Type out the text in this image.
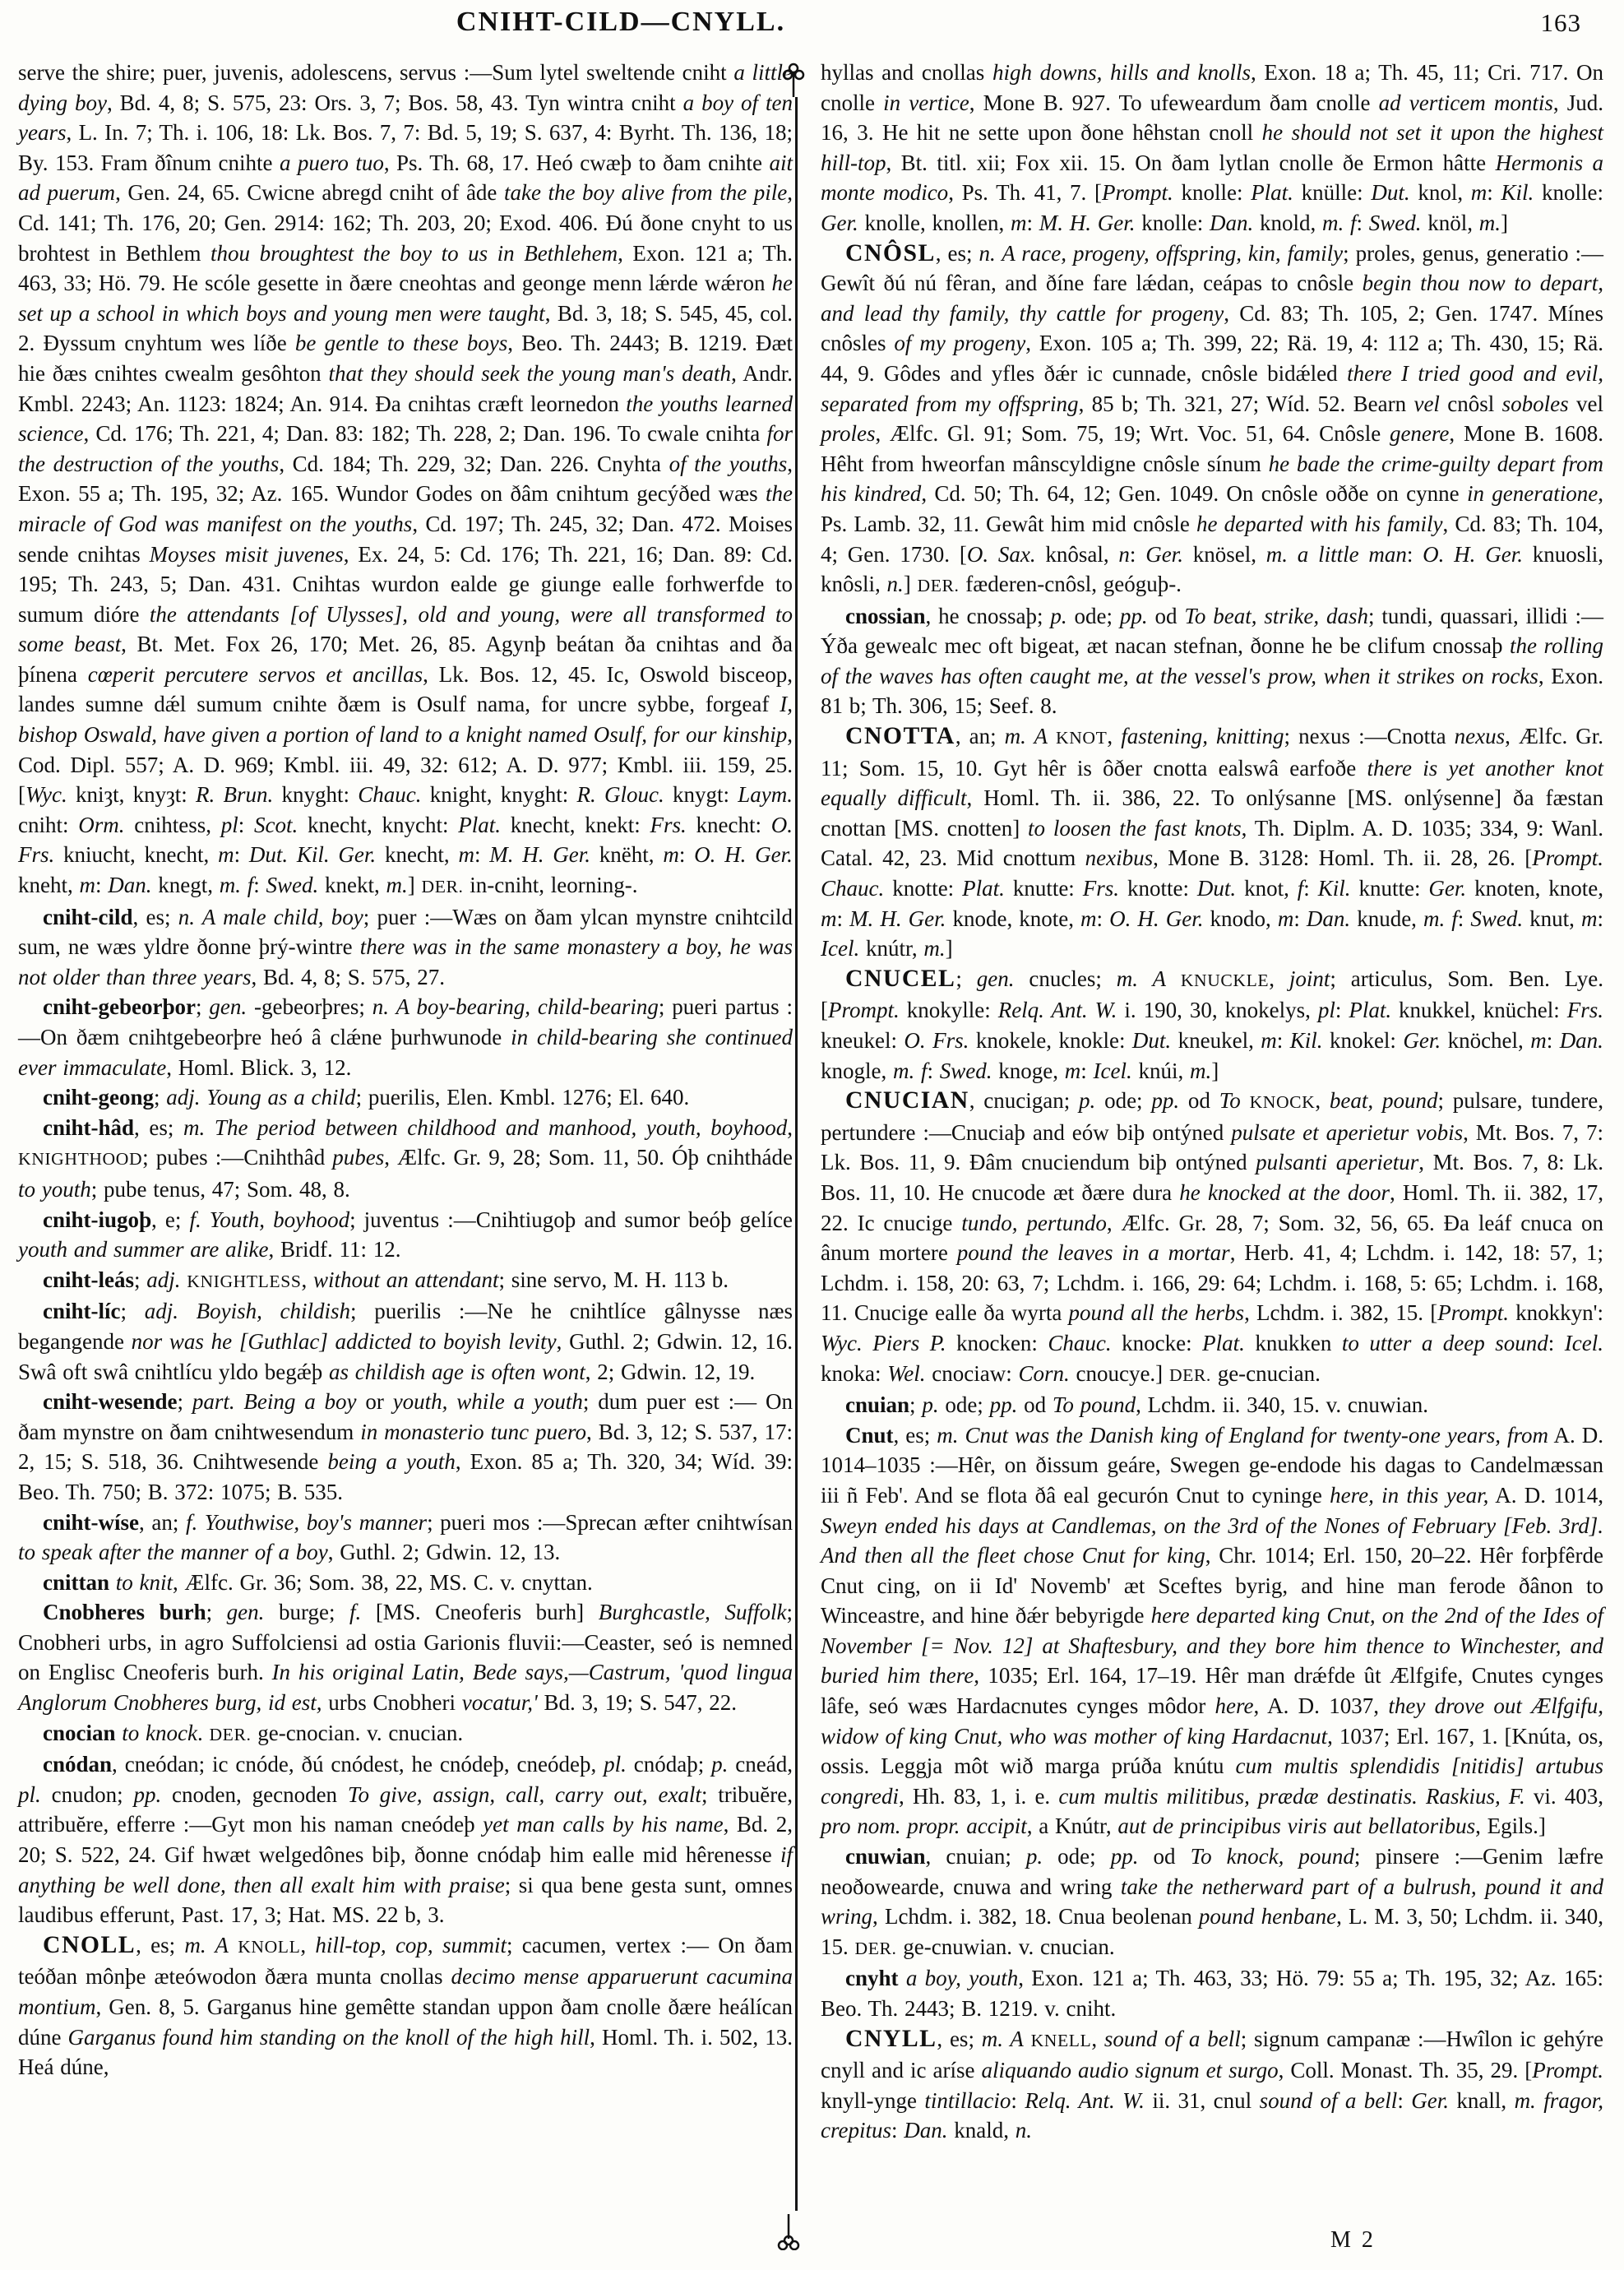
CNIHT-CILD—CNYLL.	163

serve the shire; puer, juvenis, adolescens, servus :—Sum lytel sweltende cniht a little dying boy, Bd. 4, 8; S. 575, 23: Ors. 3, 7; Bos. 58, 43. Tyn wintra cniht a boy of ten years, L. In. 7; Th. i. 106, 18: Lk. Bos. 7, 7: Bd. 5, 19; S. 637, 4: Byrht. Th. 136, 18; By. 153. Fram ðînum cnihte a puero tuo, Ps. Th. 68, 17. Heó cwæþ to ðam cnihte ait ad puerum, Gen. 24, 65. Cwicne abregd cniht of âde take the boy alive from the pile, Cd. 141; Th. 176, 20; Gen. 2914: 162; Th. 203, 20; Exod. 406. Ðú ðone cnyht to us brohtest in Bethlem thou broughtest the boy to us in Bethlehem, Exon. 121 a; Th. 463, 33; Hö. 79. He scóle gesette in ðære cneohtas and geonge menn lǽrde wǽron he set up a school in which boys and young men were taught, Bd. 3, 18; S. 545, 45, col. 2. Ðyssum cnyhtum wes líðe be gentle to these boys, Beo. Th. 2443; B. 1219. Ðæt hie ðæs cnihtes cwealm gesôhton that they should seek the young man's death, Andr. Kmbl. 2243; An. 1123: 1824; An. 914. Ða cnihtas cræft leornedon the youths learned science, Cd. 176; Th. 221, 4; Dan. 83: 182; Th. 228, 2; Dan. 196. To cwale cnihta for the destruction of the youths, Cd. 184; Th. 229, 32; Dan. 226. Cnyhta of the youths, Exon. 55 a; Th. 195, 32; Az. 165. Wundor Godes on ðâm cnihtum gecýðed wæs the miracle of God was manifest on the youths, Cd. 197; Th. 245, 32; Dan. 472. Moises sende cnihtas Moyses misit juvenes, Ex. 24, 5: Cd. 176; Th. 221, 16; Dan. 89: Cd. 195; Th. 243, 5; Dan. 431. Cnihtas wurdon ealde ge giunge ealle forhwerfde to sumum dióre the attendants [of Ulysses], old and young, were all transformed to some beast, Bt. Met. Fox 26, 170; Met. 26, 85. Agynþ beátan ða cnihtas and ða þínena cœperit percutere servos et ancillas, Lk. Bos. 12, 45. Ic, Oswold bisceop, landes sumne dǽl sumum cnihte ðæm is Osulf nama, for uncre sybbe, forgeaf I, bishop Oswald, have given a portion of land to a knight named Osulf, for our kinship, Cod. Dipl. 557; A. D. 969; Kmbl. iii. 49, 32: 612; A. D. 977; Kmbl. iii. 159, 25. [Wyc. kniȝt, knyȝt: R. Brun. knyght: Chauc. knight, knyght: R. Glouc. knygt: Laym. cniht: Orm. cnihtess, pl: Scot. knecht, knycht: Plat. knecht, knekt: Frs. knecht: O. Frs. kniucht, knecht, m: Dut. Kil. Ger. knecht, m: M. H. Ger. knëht, m: O. H. Ger. kneht, m: Dan. knegt, m. f: Swed. knekt, m.] DER. in-cniht, leorning-.

cniht-cild, es; n. A male child, boy; puer :—Wæs on ðam ylcan mynstre cnihtcild sum, ne wæs yldre ðonne þrý-wintre there was in the same monastery a boy, he was not older than three years, Bd. 4, 8; S. 575, 27.

cniht-gebeorþor; gen. -gebeorþres; n. A boy-bearing, child-bearing; pueri partus :—On ðæm cnihtgebeorþre heó â clǽne þurhwunode in child-bearing she continued ever immaculate, Homl. Blick. 3, 12.

cniht-geong; adj. Young as a child; puerilis, Elen. Kmbl. 1276; El. 640.

cniht-hâd, es; m. The period between childhood and manhood, youth, boyhood, KNIGHTHOOD; pubes :—Cnihthâd pubes, Ælfc. Gr. 9, 28; Som. 11, 50. Óþ cnihtháde to youth; pube tenus, 47; Som. 48, 8.

cniht-iugoþ, e; f. Youth, boyhood; juventus :—Cnihtiugoþ and sumor beóþ gelíce youth and summer are alike, Bridf. 11: 12.

cniht-leás; adj. KNIGHTLESS, without an attendant; sine servo, M. H. 113 b.

cniht-líc; adj. Boyish, childish; puerilis :—Ne he cnihtlíce gâlnysse næs begangende nor was he [Guthlac] addicted to boyish levity, Guthl. 2; Gdwin. 12, 16. Swâ oft swâ cnihtlícu yldo begǽþ as childish age is often wont, 2; Gdwin. 12, 19.

cniht-wesende; part. Being a boy or youth, while a youth; dum puer est :— On ðam mynstre on ðam cnihtwesendum in monasterio tunc puero, Bd. 3, 12; S. 537, 17: 2, 15; S. 518, 36. Cnihtwesende being a youth, Exon. 85 a; Th. 320, 34; Wíd. 39: Beo. Th. 750; B. 372: 1075; B. 535.

cniht-wíse, an; f. Youthwise, boy's manner; pueri mos :—Sprecan æfter cnihtwísan to speak after the manner of a boy, Guthl. 2; Gdwin. 12, 13.

cnittan to knit, Ælfc. Gr. 36; Som. 38, 22, MS. C. v. cnyttan.

Cnobheres burh; gen. burge; f. [MS. Cneoferis burh] Burghcastle, Suffolk; Cnobheri urbs, in agro Suffolciensi ad ostia Garionis fluvii:—Ceaster, seó is nemned on Englisc Cneoferis burh. In his original Latin, Bede says,—Castrum, 'quod lingua Anglorum Cnobheres burg, id est, urbs Cnobheri vocatur,' Bd. 3, 19; S. 547, 22.

cnocian to knock. DER. ge-cnocian. v. cnucian.

cnódan, cneódan; ic cnóde, ðú cnódest, he cnódeþ, cneódeþ, pl. cnódaþ; p. cneád, pl. cnudon; pp. cnoden, gecnoden To give, assign, call, carry out, exalt; tribuĕre, attribuĕre, efferre :—Gyt mon his naman cneódeþ yet man calls by his name, Bd. 2, 20; S. 522, 24. Gif hwæt welgedônes biþ, ðonne cnódaþ him ealle mid hêrenesse if anything be well done, then all exalt him with praise; si qua bene gesta sunt, omnes laudibus efferunt, Past. 17, 3; Hat. MS. 22 b, 3.

CNOLL, es; m. A KNOLL, hill-top, cop, summit; cacumen, vertex :— On ðam teóðan mônþe æteówodon ðæra munta cnollas decimo mense apparuerunt cacumina montium, Gen. 8, 5. Garganus hine gemêtte standan uppon ðam cnolle ðære heálícan dúne Garganus found him standing on the knoll of the high hill, Homl. Th. i. 502, 13. Heá dúne,

hyllas and cnollas high downs, hills and knolls, Exon. 18 a; Th. 45, 11; Cri. 717. On cnolle in vertice, Mone B. 927. To ufeweardum ðam cnolle ad verticem montis, Jud. 16, 3. He hit ne sette upon ðone hêhstan cnoll he should not set it upon the highest hill-top, Bt. titl. xii; Fox xii. 15. On ðam lytlan cnolle ðe Ermon hâtte Hermonis a monte modico, Ps. Th. 41, 7. [Prompt. knolle: Plat. knülle: Dut. knol, m: Kil. knolle: Ger. knolle, knollen, m: M. H. Ger. knolle: Dan. knold, m. f: Swed. knöl, m.]

CNÔSL, es; n. A race, progeny, offspring, kin, family; proles, genus, generatio :—Gewît ðú nú fêran, and ðíne fare lǽdan, ceápas to cnôsle begin thou now to depart, and lead thy family, thy cattle for progeny, Cd. 83; Th. 105, 2; Gen. 1747. Mínes cnôsles of my progeny, Exon. 105 a; Th. 399, 22; Rä. 19, 4: 112 a; Th. 430, 15; Rä. 44, 9. Gôdes and yfles ðǽr ic cunnade, cnôsle bidǽled there I tried good and evil, separated from my offspring, 85 b; Th. 321, 27; Wíd. 52. Bearn vel cnôsl soboles vel proles, Ælfc. Gl. 91; Som. 75, 19; Wrt. Voc. 51, 64. Cnôsle genere, Mone B. 1608. Hêht from hweorfan mânscyldigne cnôsle sínum he bade the crime-guilty depart from his kindred, Cd. 50; Th. 64, 12; Gen. 1049. On cnôsle oððe on cynne in generatione, Ps. Lamb. 32, 11. Gewât him mid cnôsle he departed with his family, Cd. 83; Th. 104, 4; Gen. 1730. [O. Sax. knôsal, n: Ger. knösel, m. a little man: O. H. Ger. knuosli, knôsli, n.] DER. fæderen-cnôsl, geóguþ-.

cnossian, he cnossaþ; p. ode; pp. od To beat, strike, dash; tundi, quassari, illidi :—Ýða gewealc mec oft bigeat, æt nacan stefnan, ðonne he be clifum cnossaþ the rolling of the waves has often caught me, at the vessel's prow, when it strikes on rocks, Exon. 81 b; Th. 306, 15; Seef. 8.

CNOTTA, an; m. A KNOT, fastening, knitting; nexus :—Cnotta nexus, Ælfc. Gr. 11; Som. 15, 10. Gyt hêr is ôðer cnotta ealswâ earfoðe there is yet another knot equally difficult, Homl. Th. ii. 386, 22. To onlýsanne [MS. onlýsenne] ða fæstan cnottan [MS. cnotten] to loosen the fast knots, Th. Diplm. A. D. 1035; 334, 9: Wanl. Catal. 42, 23. Mid cnottum nexibus, Mone B. 3128: Homl. Th. ii. 28, 26. [Prompt. Chauc. knotte: Plat. knutte: Frs. knotte: Dut. knot, f: Kil. knutte: Ger. knoten, knote, m: M. H. Ger. knode, knote, m: O. H. Ger. knodo, m: Dan. knude, m. f: Swed. knut, m: Icel. knútr, m.]

CNUCEL; gen. cnucles; m. A KNUCKLE, joint; articulus, Som. Ben. Lye. [Prompt. knokylle: Relq. Ant. W. i. 190, 30, knokelys, pl: Plat. knukkel, knüchel: Frs. kneukel: O. Frs. knokele, knokle: Dut. kneukel, m: Kil. knokel: Ger. knöchel, m: Dan. knogle, m. f: Swed. knoge, m: Icel. knúi, m.]

CNUCIAN, cnucigan; p. ode; pp. od To KNOCK, beat, pound; pulsare, tundere, pertundere :—Cnuciaþ and eów biþ ontýned pulsate et aperietur vobis, Mt. Bos. 7, 7: Lk. Bos. 11, 9. Ðâm cnuciendum biþ ontýned pulsanti aperietur, Mt. Bos. 7, 8: Lk. Bos. 11, 10. He cnucode æt ðære dura he knocked at the door, Homl. Th. ii. 382, 17, 22. Ic cnucige tundo, pertundo, Ælfc. Gr. 28, 7; Som. 32, 56, 65. Ða leáf cnuca on ânum mortere pound the leaves in a mortar, Herb. 41, 4; Lchdm. i. 142, 18: 57, 1; Lchdm. i. 158, 20: 63, 7; Lchdm. i. 166, 29: 64; Lchdm. i. 168, 5: 65; Lchdm. i. 168, 11. Cnucige ealle ða wyrta pound all the herbs, Lchdm. i. 382, 15. [Prompt. knokkyn': Wyc. Piers P. knocken: Chauc. knocke: Plat. knukken to utter a deep sound: Icel. knoka: Wel. cnociaw: Corn. cnoucye.] DER. ge-cnucian.

cnuian; p. ode; pp. od To pound, Lchdm. ii. 340, 15. v. cnuwian.

Cnut, es; m. Cnut was the Danish king of England for twenty-one years, from A. D. 1014–1035 :—Hêr, on ðissum geáre, Swegen ge-endode his dagas to Candelmæssan iii ñ Feb'. And se flota ðâ eal gecurón Cnut to cyninge here, in this year, A. D. 1014, Sweyn ended his days at Candlemas, on the 3rd of the Nones of February [Feb. 3rd]. And then all the fleet chose Cnut for king, Chr. 1014; Erl. 150, 20–22. Hêr forþfêrde Cnut cing, on ii Id' Novemb' æt Sceftes byrig, and hine man ferode ðânon to Winceastre, and hine ðǽr bebyrigde here departed king Cnut, on the 2nd of the Ides of November [= Nov. 12] at Shaftesbury, and they bore him thence to Winchester, and buried him there, 1035; Erl. 164, 17–19. Hêr man drǽfde ût Ælfgife, Cnutes cynges lâfe, seó wæs Hardacnutes cynges môdor here, A. D. 1037, they drove out Ælfgifu, widow of king Cnut, who was mother of king Hardacnut, 1037; Erl. 167, 1. [Knúta, os, ossis. Leggja môt wið marga prúða knútu cum multis splendidis [nitidis] artubus congredi, Hh. 83, 1, i. e. cum multis militibus, prædæ destinatis. Raskius, F. vi. 403, pro nom. propr. accipit, a Knútr, aut de principibus viris aut bellatoribus, Egils.]

cnuwian, cnuian; p. ode; pp. od To knock, pound; pinsere :—Genim læfre neoðowearde, cnuwa and wring take the netherward part of a bulrush, pound it and wring, Lchdm. i. 382, 18. Cnua beolenan pound henbane, L. M. 3, 50; Lchdm. ii. 340, 15. DER. ge-cnuwian. v. cnucian.

cnyht a boy, youth, Exon. 121 a; Th. 463, 33; Hö. 79: 55 a; Th. 195, 32; Az. 165: Beo. Th. 2443; B. 1219. v. cniht.

CNYLL, es; m. A KNELL, sound of a bell; signum campanæ :—Hwîlon ic gehýre cnyll and ic aríse aliquando audio signum et surgo, Coll. Monast. Th. 35, 29. [Prompt. knyll-ynge tintillacio: Relq. Ant. W. ii. 31, cnul sound of a bell: Ger. knall, m. fragor, crepitus: Dan. knald, n.

M 2
